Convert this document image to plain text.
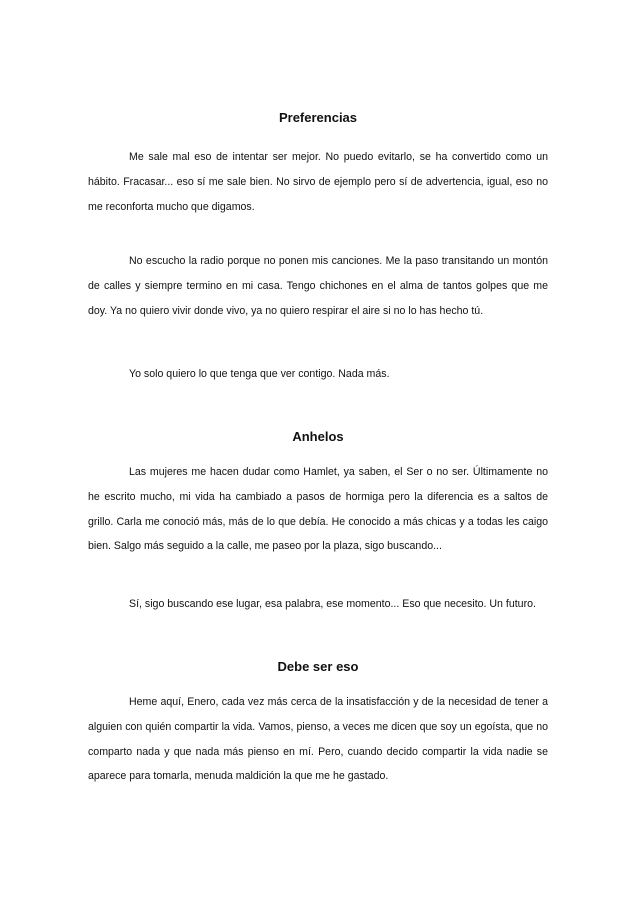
Preferencias

Me sale mal eso de intentar ser mejor. No puedo evitarlo, se ha convertido como un hábito. Fracasar... eso sí me sale bien. No sirvo de ejemplo pero sí de advertencia, igual, eso no me reconforta mucho que digamos.

No escucho la radio porque no ponen mis canciones. Me la paso transitando un montón de calles y siempre termino en mi casa. Tengo chichones en el alma de tantos golpes que me doy. Ya no quiero vivir donde vivo, ya no quiero respirar el aire si no lo has hecho tú.

Yo solo quiero lo que tenga que ver contigo. Nada más.

Anhelos

Las mujeres me hacen dudar como Hamlet, ya saben, el Ser o no ser. Últimamente no he escrito mucho, mi vida ha cambiado a pasos de hormiga pero la diferencia es a saltos de grillo. Carla me conoció más, más de lo que debía. He conocido a más chicas y a todas les caigo bien. Salgo más seguido a la calle, me paseo por la plaza, sigo buscando...

Sí, sigo buscando ese lugar, esa palabra, ese momento... Eso que necesito. Un futuro.

Debe ser eso

Heme aquí, Enero, cada vez más cerca de la insatisfacción y de la necesidad de tener a alguien con quién compartir la vida. Vamos, pienso, a veces me dicen que soy un egoísta, que no comparto nada y que nada más pienso en mí. Pero, cuando decido compartir la vida nadie se aparece para tomarla, menuda maldición la que me he gastado.
